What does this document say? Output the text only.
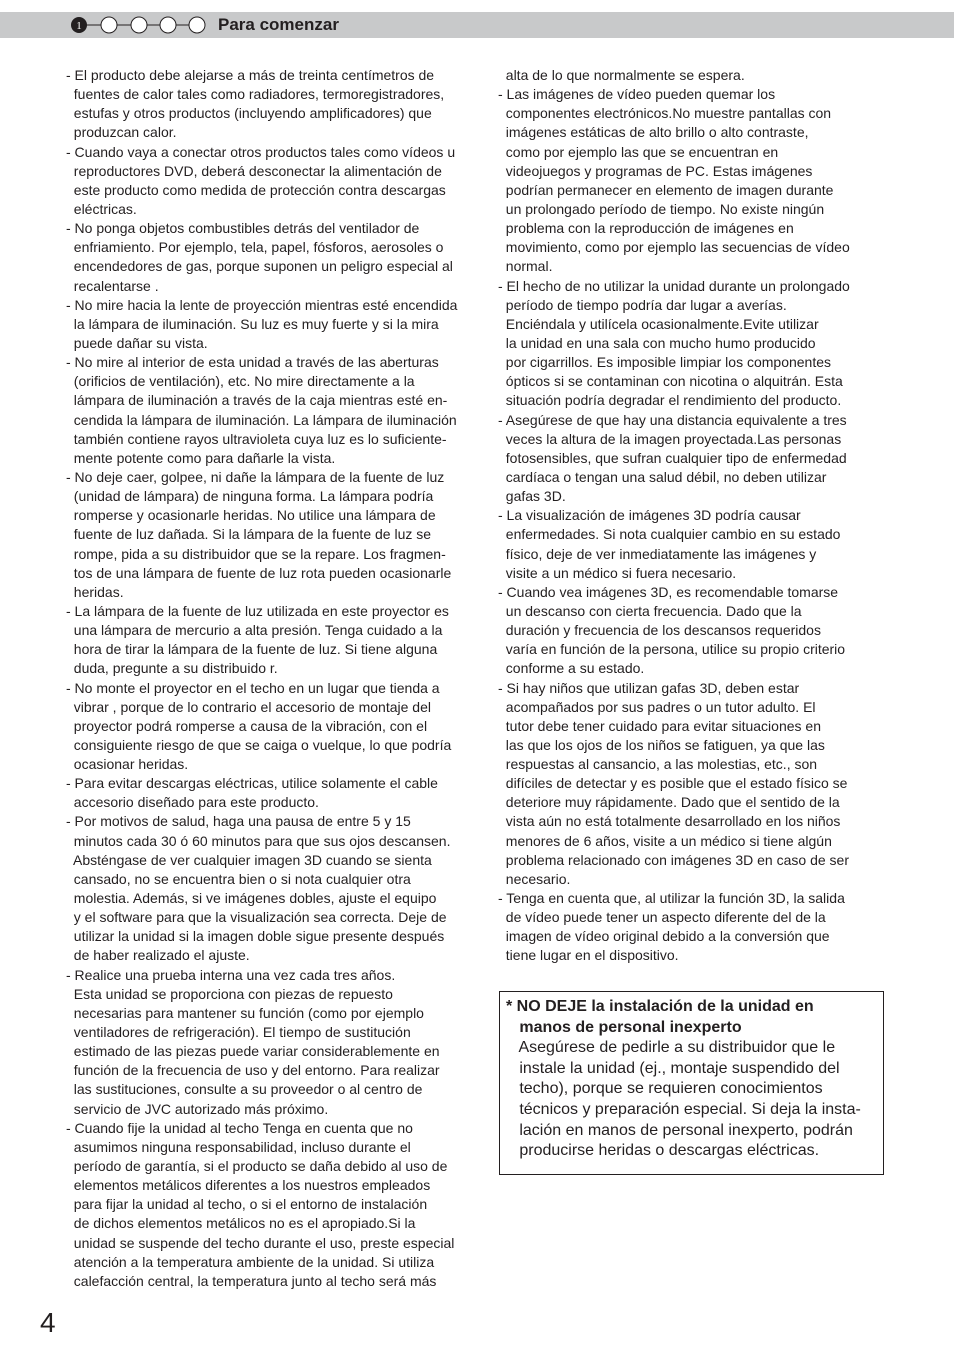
1	Para comenzar
- El producto debe alejarse a más de treinta centímetros de
fuentes de calor tales como radiadores, termoregistradores,
estufas y otros productos (incluyendo amplificadores) que
produzcan calor.
- Cuando vaya a conectar otros productos tales como vídeos u
reproductores DVD, deberá desconectar la alimentación de
este producto como medida de protección contra descargas
eléctricas.
- No ponga objetos combustibles detrás del ventilador de
enfriamiento. Por ejemplo, tela, papel, fósforos, aerosoles o
encendedores de gas, porque suponen un peligro especial al
recalentarse .
- No mire hacia la lente de proyección mientras esté encendida
la lámpara de iluminación. Su luz es muy fuerte y si la mira
puede dañar su vista.
- No mire al interior de esta unidad a través de las aberturas
(orificios de ventilación), etc. No mire directamente a la
lámpara de iluminación a través de la caja mientras esté en-
cendida la lámpara de iluminación. La lámpara de iluminación
también contiene rayos ultravioleta cuya luz es lo suficiente-
mente potente como para dañarle la vista.
- No deje caer, golpee, ni dañe la lámpara de la fuente de luz
(unidad de lámpara) de ninguna forma. La lámpara podría
romperse y ocasionarle heridas. No utilice una lámpara de
fuente de luz dañada. Si la lámpara de la fuente de luz se
rompe, pida a su distribuidor que se la repare. Los fragmen-
tos de una lámpara de fuente de luz rota pueden ocasionarle
heridas.
- La lámpara de la fuente de luz utilizada en este proyector es
una lámpara de mercurio a alta presión. Tenga cuidado a la
hora de tirar la lámpara de la fuente de luz. Si tiene alguna
duda, pregunte a su distribuido r.
- No monte el proyector en el techo en un lugar que tienda a
vibrar , porque de lo contrario el accesorio de montaje del
proyector podrá romperse a causa de la vibración, con el
consiguiente riesgo de que se caiga o vuelque, lo que podría
ocasionar heridas.
- Para evitar descargas eléctricas, utilice solamente el cable
accesorio diseñado para este producto.
- Por motivos de salud, haga una pausa de entre 5 y 15
minutos cada 30 ó 60 minutos para que sus ojos descansen.
Absténgase de ver cualquier imagen 3D cuando se sienta
cansado, no se encuentra bien o si nota cualquier otra
molestia. Además, si ve imágenes dobles, ajuste el equipo
y el software para que la visualización sea correcta. Deje de
utilizar la unidad si la imagen doble sigue presente después
de haber realizado el ajuste.
- Realice una prueba interna una vez cada tres años.
Esta unidad se proporciona con piezas de repuesto
necesarias para mantener su función (como por ejemplo
ventiladores de refrigeración). El tiempo de sustitución
estimado de las piezas puede variar considerablemente en
función de la frecuencia de uso y del entorno. Para realizar
las sustituciones, consulte a su proveedor o al centro de
servicio de JVC autorizado más próximo.
- Cuando fije la unidad al techo Tenga en cuenta que no
asumimos ninguna responsabilidad, incluso durante el
período de garantía, si el producto se daña debido al uso de
elementos metálicos diferentes a los nuestros empleados
para fijar la unidad al techo, o si el entorno de instalación
de dichos elementos metálicos no es el apropiado.Si la
unidad se suspende del techo durante el uso, preste especial
atención a la temperatura ambiente de la unidad. Si utiliza
calefacción central, la temperatura junto al techo será más
alta de lo que normalmente se espera.
- Las imágenes de vídeo pueden quemar los
componentes electrónicos.No muestre pantallas con
imágenes estáticas de alto brillo o alto contraste,
como por ejemplo las que se encuentran en
videojuegos y programas de PC. Estas imágenes
podrían permanecer en elemento de imagen durante
un prolongado período de tiempo. No existe ningún
problema con la reproducción de imágenes en
movimiento, como por ejemplo las secuencias de vídeo
normal.
- El hecho de no utilizar la unidad durante un prolongado
período de tiempo podría dar lugar a averías.
Enciéndala y utilícela ocasionalmente.Evite utilizar
la unidad en una sala con mucho humo producido
por cigarrillos. Es imposible limpiar los componentes
ópticos si se contaminan con nicotina o alquitrán. Esta
situación podría degradar el rendimiento del producto.
- Asegúrese de que hay una distancia equivalente a tres
veces la altura de la imagen proyectada.Las personas
fotosensibles, que sufran cualquier tipo de enfermedad
cardíaca o tengan una salud débil, no deben utilizar
gafas 3D.
- La visualización de imágenes 3D podría causar
enfermedades. Si nota cualquier cambio en su estado
físico, deje de ver inmediatamente las imágenes y
visite a un médico si fuera necesario.
- Cuando vea imágenes 3D, es recomendable tomarse
un descanso con cierta frecuencia. Dado que la
duración y frecuencia de los descansos requeridos
varía en función de la persona, utilice su propio criterio
conforme a su estado.
- Si hay niños que utilizan gafas 3D, deben estar
acompañados por sus padres o un tutor adulto. El
tutor debe tener cuidado para evitar situaciones en
las que los ojos de los niños se fatiguen, ya que las
respuestas al cansancio, a las molestias, etc., son
difíciles de detectar y es posible que el estado físico se
deteriore muy rápidamente. Dado que el sentido de la
vista aún no está totalmente desarrollado en los niños
menores de 6 años, visite a un médico si tiene algún
problema relacionado con imágenes 3D en caso de ser
necesario.
- Tenga en cuenta que, al utilizar la función 3D, la salida
de vídeo puede tener un aspecto diferente del de la
imagen de vídeo original debido a la conversión que
tiene lugar en el dispositivo.
* NO DEJE la instalación de la unidad en
manos de personal inexperto
Asegúrese de pedirle a su distribuidor que le
instale la unidad (ej., montaje suspendido del
techo), porque se requieren conocimientos
técnicos y preparación especial. Si deja la insta-
lación en manos de personal inexperto, podrán
producirse heridas o descargas eléctricas.
4
